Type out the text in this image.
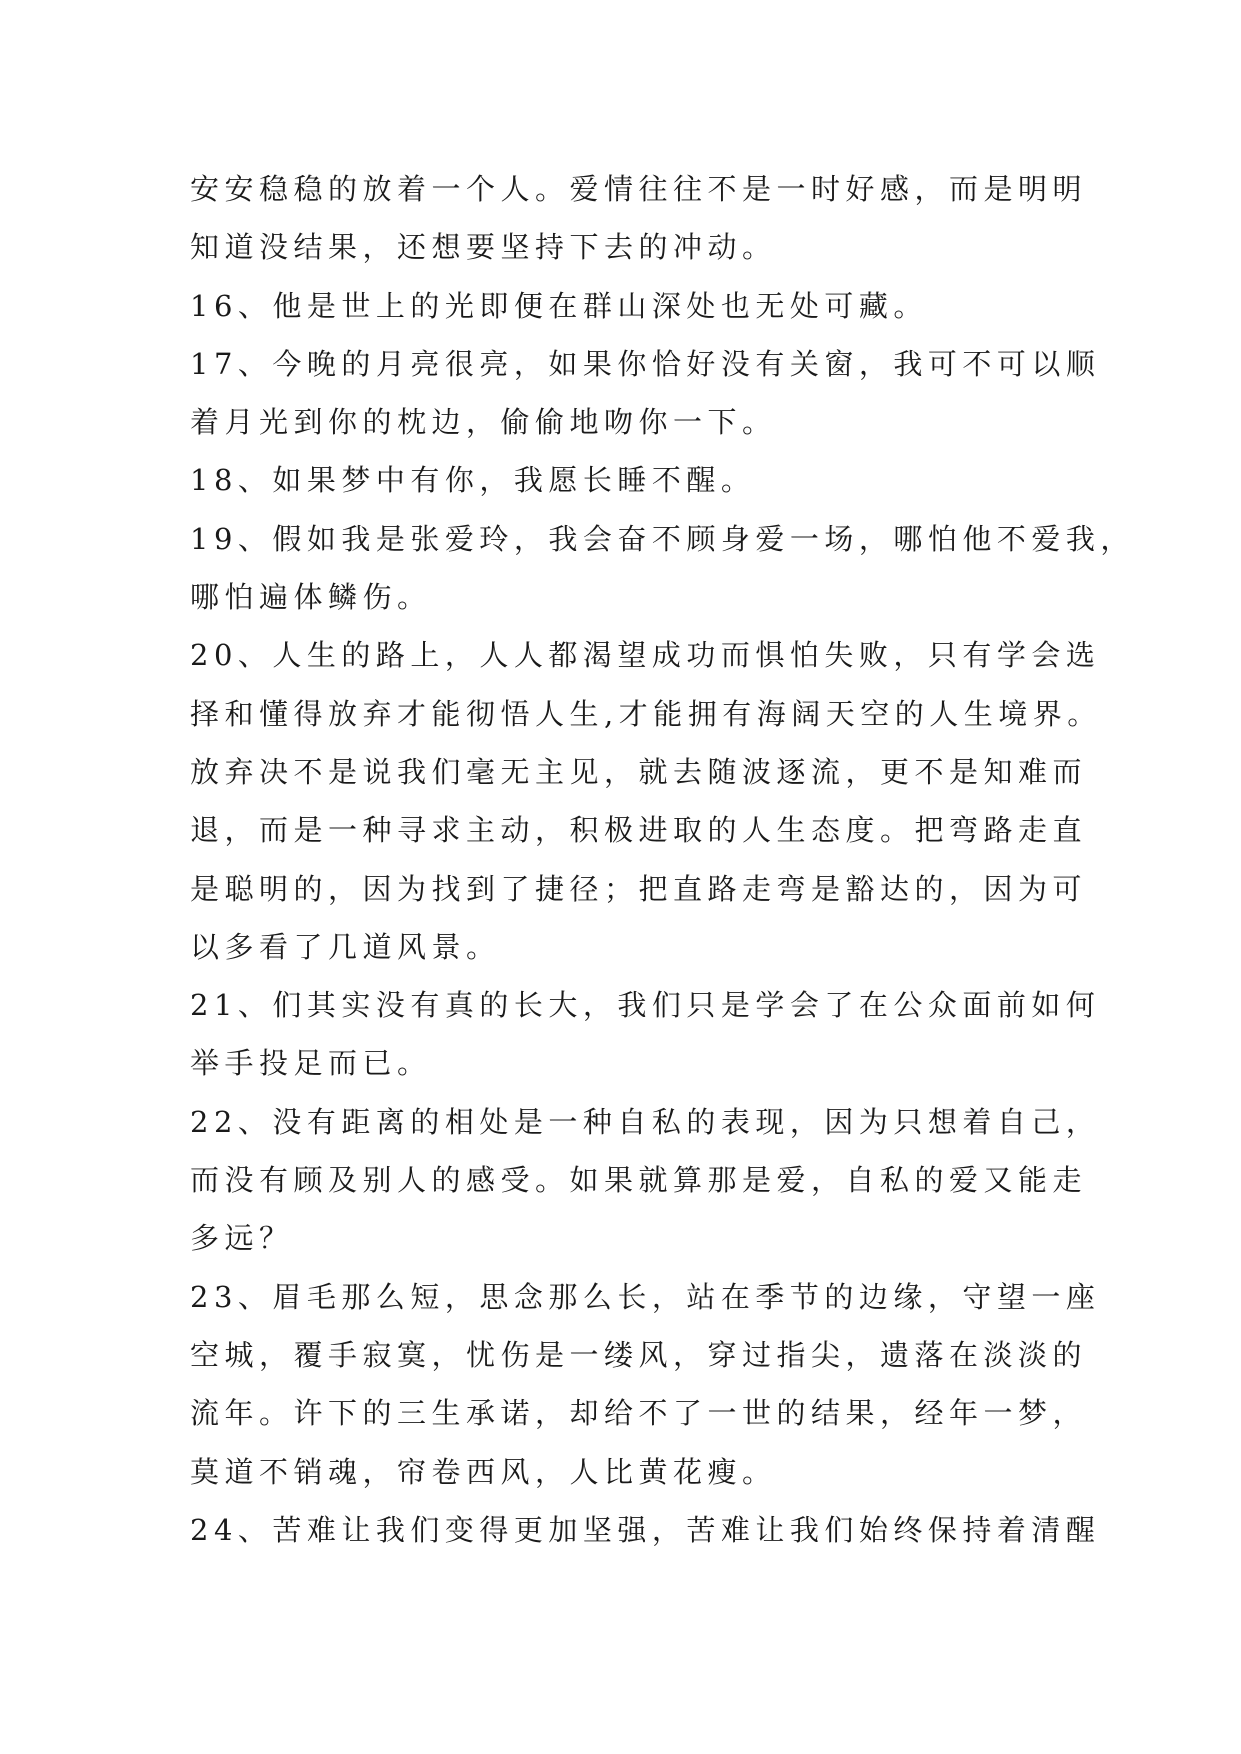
安安稳稳的放着一个人。爱情往往不是一时好感，而是明明
知道没结果，还想要坚持下去的冲动。
16、他是世上的光即便在群山深处也无处可藏。
17、今晚的月亮很亮，如果你恰好没有关窗，我可不可以顺
着月光到你的枕边，偷偷地吻你一下。
18、如果梦中有你，我愿长睡不醒。
19、假如我是张爱玲，我会奋不顾身爱一场，哪怕他不爱我，
哪怕遍体鳞伤。
20、人生的路上，人人都渴望成功而惧怕失败，只有学会选
择和懂得放弃才能彻悟人生,才能拥有海阔天空的人生境界。
放弃决不是说我们毫无主见，就去随波逐流，更不是知难而
退，而是一种寻求主动，积极进取的人生态度。把弯路走直
是聪明的，因为找到了捷径；把直路走弯是豁达的，因为可
以多看了几道风景。
21、们其实没有真的长大，我们只是学会了在公众面前如何
举手投足而已。
22、没有距离的相处是一种自私的表现，因为只想着自己，
而没有顾及别人的感受。如果就算那是爱，自私的爱又能走
多远？
23、眉毛那么短，思念那么长，站在季节的边缘，守望一座
空城，覆手寂寞，忧伤是一缕风，穿过指尖，遗落在淡淡的
流年。许下的三生承诺，却给不了一世的结果，经年一梦，
莫道不销魂，帘卷西风，人比黄花瘦。
24、苦难让我们变得更加坚强，苦难让我们始终保持着清醒
